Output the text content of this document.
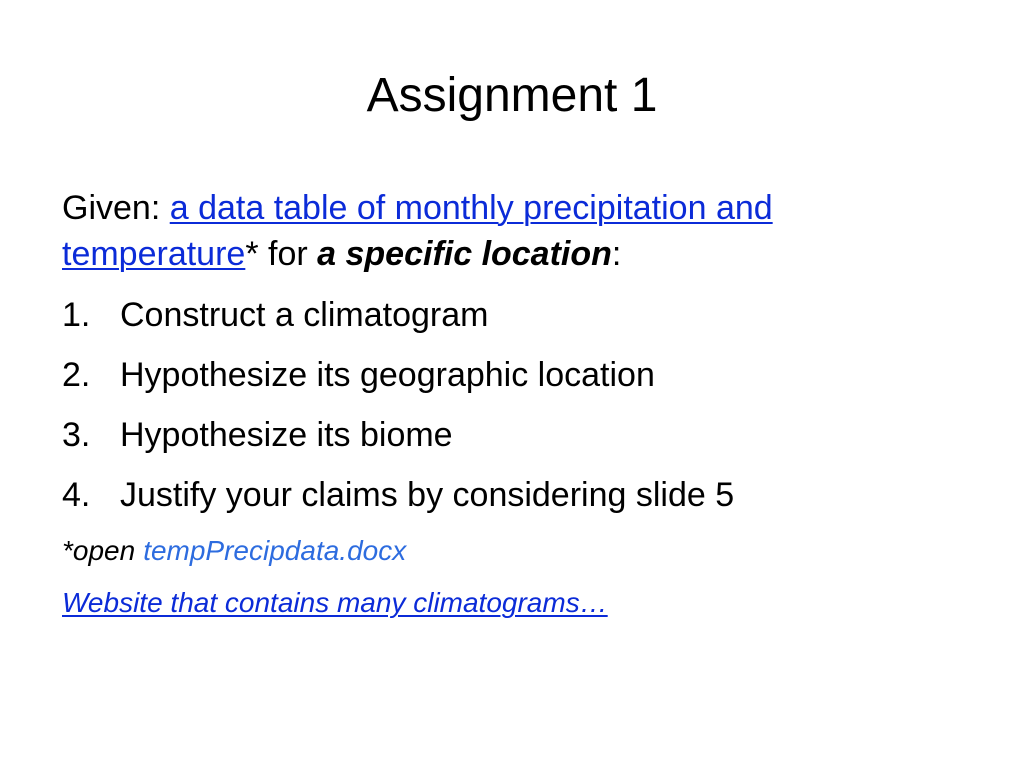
Assignment 1

Given: a data table of monthly precipitation and temperature* for a specific location:

1. Construct a climatogram
2. Hypothesize its geographic location
3. Hypothesize its biome
4. Justify your claims by considering slide 5

*open tempPrecipdata.docx

Website that contains many climatograms…
